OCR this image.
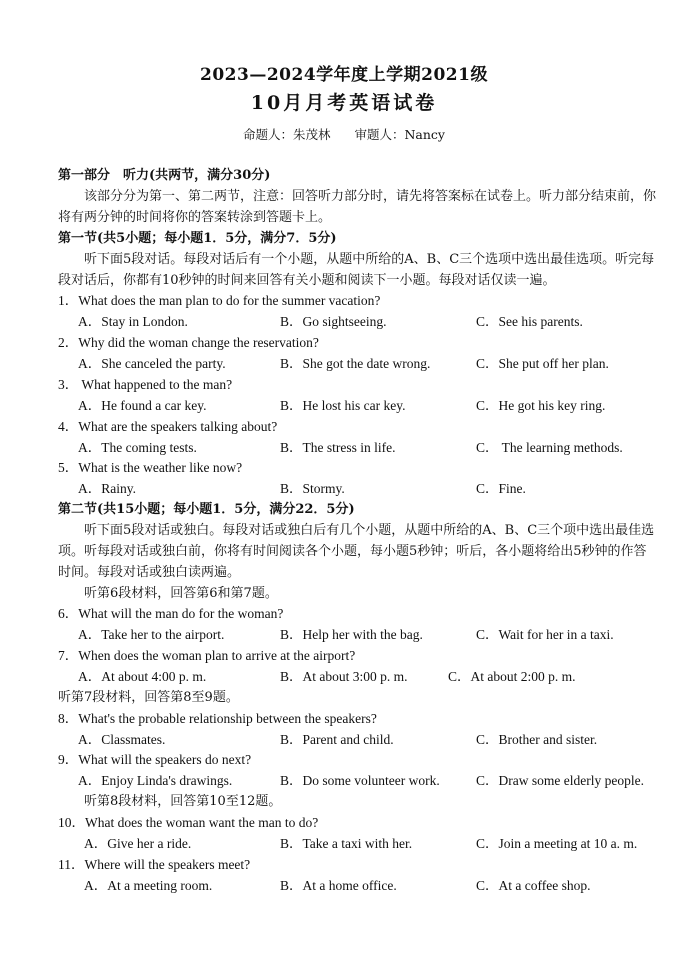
2023—2024学年度上学期2021级
10月月考英语试卷
命题人：朱茂林 审题人：Nancy
第一部分　听力(共两节，满分30分)
该部分分为第一、第二两节，注意：回答听力部分时，请先将答案标在试卷上。听力部分结束前，你将有两分钟的时间将你的答案转涂到答题卡上。
第一节(共5小题；每小题1．5分，满分7．5分)
听下面5段对话。每段对话后有一个小题，从题中所给的A、B、C三个选项中选出最佳选项。听完每段对话后，你都有10秒钟的时间来回答有关小题和阅读下一小题。每段对话仅读一遍。
1．What does the man plan to do for the summer vacation?
A．Stay in London.	B．Go sightseeing.	C．See his parents.
2．Why did the woman change the reservation?
A．She canceled the party.	B．She got the date wrong.	C．She put off her plan.
3． What happened to the man?
A．He found a car key.	B．He lost his car key.	C．He got his key ring.
4．What are the speakers talking about?
A．The coming tests.	B．The stress in life.	C． The learning methods.
5．What is the weather like now?
A．Rainy.	B．Stormy.	C．Fine.
第二节(共15小题；每小题1．5分，满分22．5分)
听下面5段对话或独白。每段对话或独白后有几个小题，从题中所给的A、B、C三个项中选出最佳选项。听每段对话或独白前，你将有时间阅读各个小题，每小题5秒钟；听后，各小题将给出5秒钟的作答时间。每段对话或独白读两遍。
听第6段材料，回答第6和第7题。
6．What will the man do for the woman?
A．Take her to the airport.	B．Help her with the bag.	C．Wait for her in a taxi.
7．When does the woman plan to arrive at the airport?
A．At about 4:00 p. m.	B．At about 3:00 p. m.	C．At about 2:00 p. m.
听第7段材料，回答第8至9题。
8．What's the probable relationship between the speakers?
A．Classmates.	B．Parent and child.	C．Brother and sister.
9．What will the speakers do next?
A．Enjoy Linda's drawings.	B．Do some volunteer work.	C．Draw some elderly people.
听第8段材料，回答第10至12题。
10．What does the woman want the man to do?
A．Give her a ride.	B．Take a taxi with her.	C．Join a meeting at 10 a. m.
11．Where will the speakers meet?
A．At a meeting room.	B．At a home office.	C．At a coffee shop.
